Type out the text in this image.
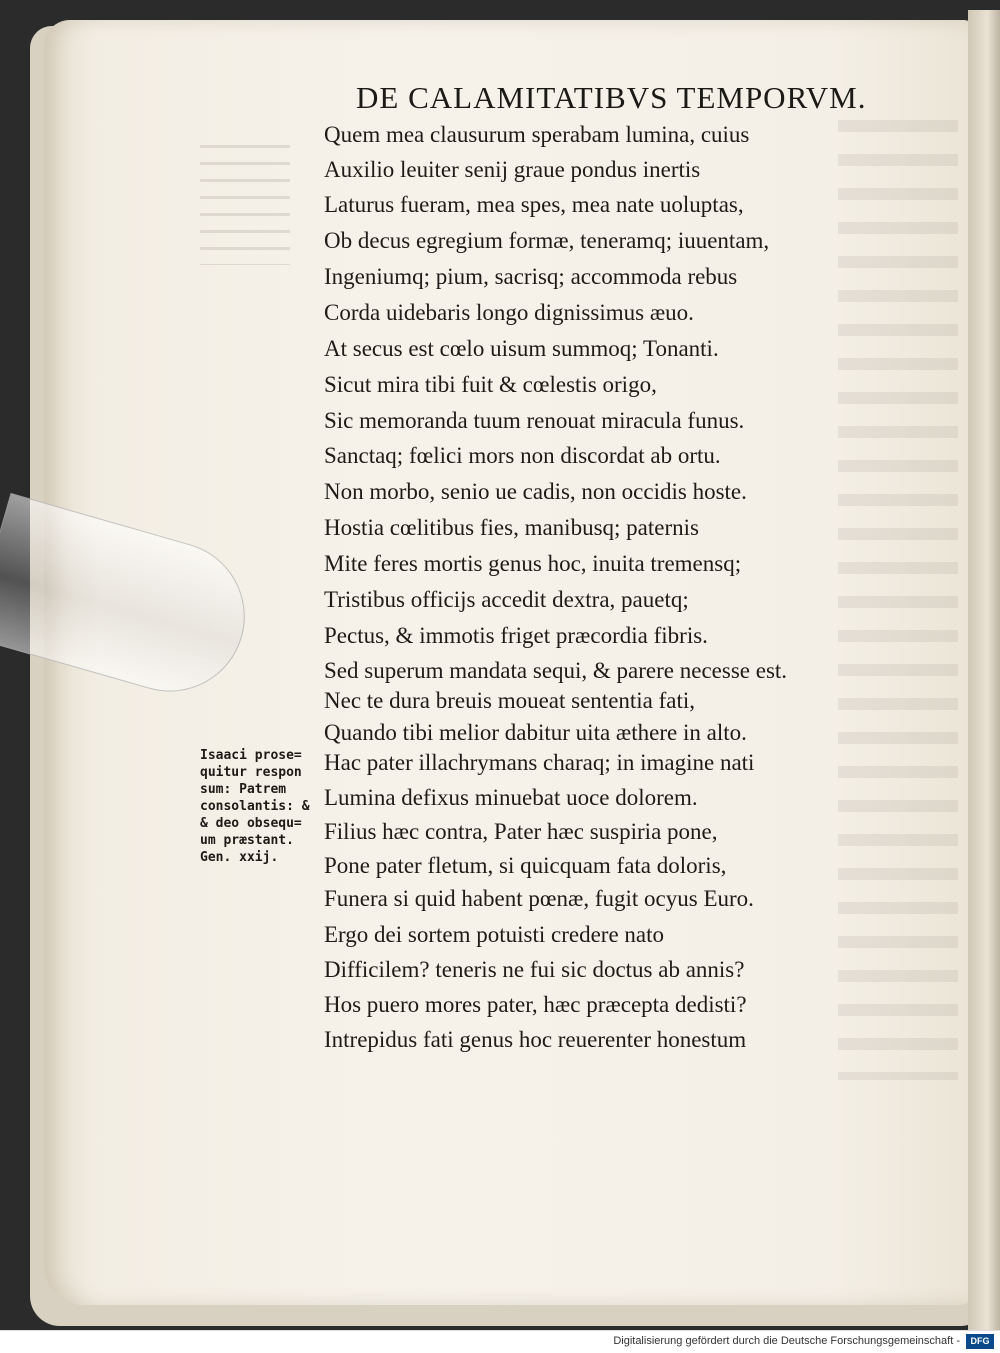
DE CALAMITATIBVS TEMPORVM.
Quem mea clausurum sperabam lumina, cuius
Auxilio leuiter senij graue pondus inertis
Laturus fueram, mea spes, mea nate uoluptas,
Ob decus egregium formæ, teneramq; iuuentam,
Ingeniumq; pium, sacrisq; accommoda rebus
Corda uidebaris longo dignissimus æuo.
At secus est cœlo uisum summoq; Tonanti.
Sicut mira tibi fuit & cœlestis origo,
Sic memoranda tuum renouat miracula funus.
Sanctaq; fœlici mors non discordat ab ortu.
Non morbo, senio ue cadis, non occidis hoste.
Hostia cœlitibus fies, manibusq; paternis
Mite feres mortis genus hoc, inuita tremensq;
Tristibus officijs accedit dextra, pauetq;
Pectus, & immotis friget præcordia fibris.
Sed superum mandata sequi, & parere necesse est.
Nec te dura breuis moueat sententia fati,
Quando tibi melior dabitur uita æthere in alto.
Hac pater illachrymans charaq; in imagine nati
Lumina defixus minuebat uoce dolorem.
Filius hæc contra, Pater hæc suspiria pone,
Pone pater fletum, si quicquam fata doloris,
Funera si quid habent pœnæ, fugit ocyus Euro.
Ergo dei sortem potuisti credere nato
Difficilem? teneris ne fui sic doctus ab annis?
Hos puero mores pater, hæc præcepta dedisti?
Intrepidus fati genus hoc reuerenter honestum
Isaaci prose=
quitur respon
sum: Patrem
consolantis: &
& deo obsequ=
um præstant.
Gen. xxij.
Digitalisierung gefördert durch die Deutsche Forschungsgemeinschaft -	DFG
